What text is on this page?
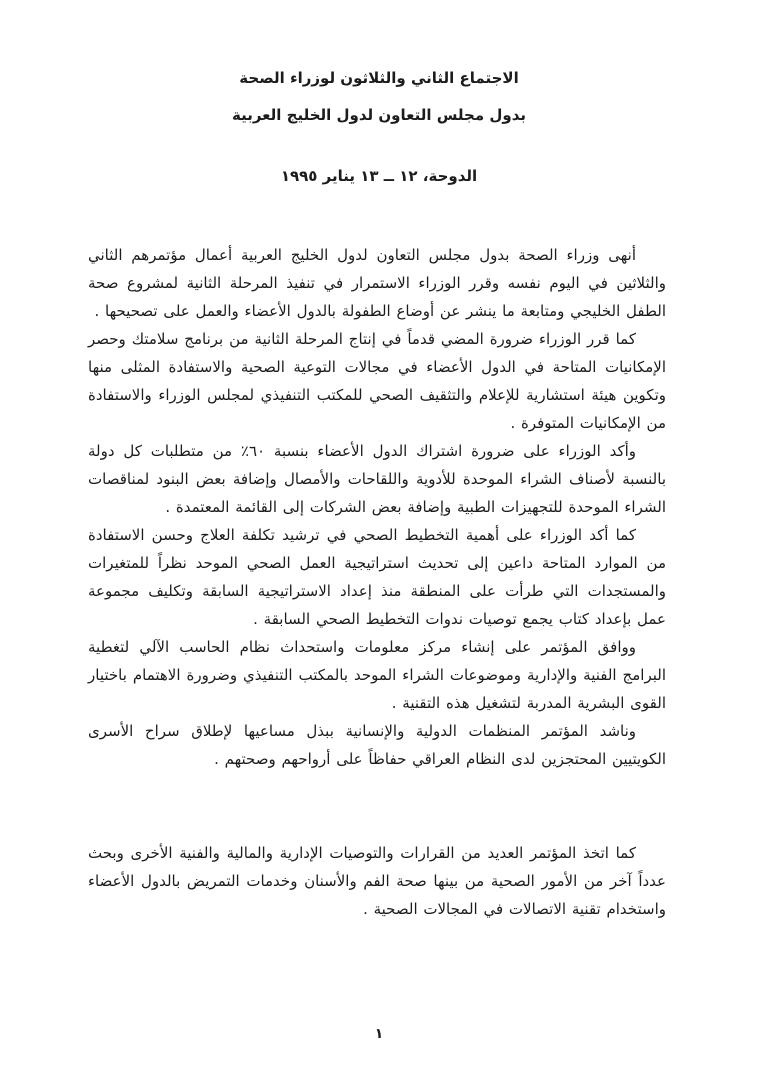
الاجتماع الثاني والثلاثون لوزراء الصحة
بدول مجلس التعاون لدول الخليج العربية
الدوحة، ١٢ ــ ١٣ يناير ١٩٩٥

أنهى وزراء الصحة بدول مجلس التعاون لدول الخليج العربية أعمال مؤتمرهم الثاني والثلاثين في اليوم نفسه وقرر الوزراء الاستمرار في تنفيذ المرحلة الثانية لمشروع صحة الطفل الخليجي ومتابعة ما ينشر عن أوضاع الطفولة بالدول الأعضاء والعمل على تصحيحها .

كما قرر الوزراء ضرورة المضي قدماً في إنتاج المرحلة الثانية من برنامج سلامتك وحصر الإمكانيات المتاحة في الدول الأعضاء في مجالات التوعية الصحية والاستفادة المثلى منها وتكوين هيئة استشارية للإعلام والتثقيف الصحي للمكتب التنفيذي لمجلس الوزراء والاستفادة من الإمكانيات المتوفرة .

وأكد الوزراء على ضرورة اشتراك الدول الأعضاء بنسبة ٦٠٪ من متطلبات كل دولة بالنسبة لأصناف الشراء الموحدة للأدوية واللقاحات والأمصال وإضافة بعض البنود لمناقصات الشراء الموحدة للتجهيزات الطبية وإضافة بعض الشركات إلى القائمة المعتمدة .

كما أكد الوزراء على أهمية التخطيط الصحي في ترشيد تكلفة العلاج وحسن الاستفادة من الموارد المتاحة داعين إلى تحديث استراتيجية العمل الصحي الموحد نظراً للمتغيرات والمستجدات التي طرأت على المنطقة منذ إعداد الاستراتيجية السابقة وتكليف مجموعة عمل بإعداد كتاب يجمع توصيات ندوات التخطيط الصحي السابقة .

ووافق المؤتمر على إنشاء مركز معلومات واستحداث نظام الحاسب الآلي لتغطية البرامج الفنية والإدارية وموضوعات الشراء الموحد بالمكتب التنفيذي وضرورة الاهتمام باختيار القوى البشرية المدربة لتشغيل هذه التقنية .

وناشد المؤتمر المنظمات الدولية والإنسانية ببذل مساعيها لإطلاق سراح الأسرى الكويتيين المحتجزين لدى النظام العراقي حفاظاً على أرواحهم وصحتهم .

كما اتخذ المؤتمر العديد من القرارات والتوصيات الإدارية والمالية والفنية الأخرى وبحث عدداً آخر من الأمور الصحية من بينها صحة الفم والأسنان وخدمات التمريض بالدول الأعضاء واستخدام تقنية الاتصالات في المجالات الصحية .

١
